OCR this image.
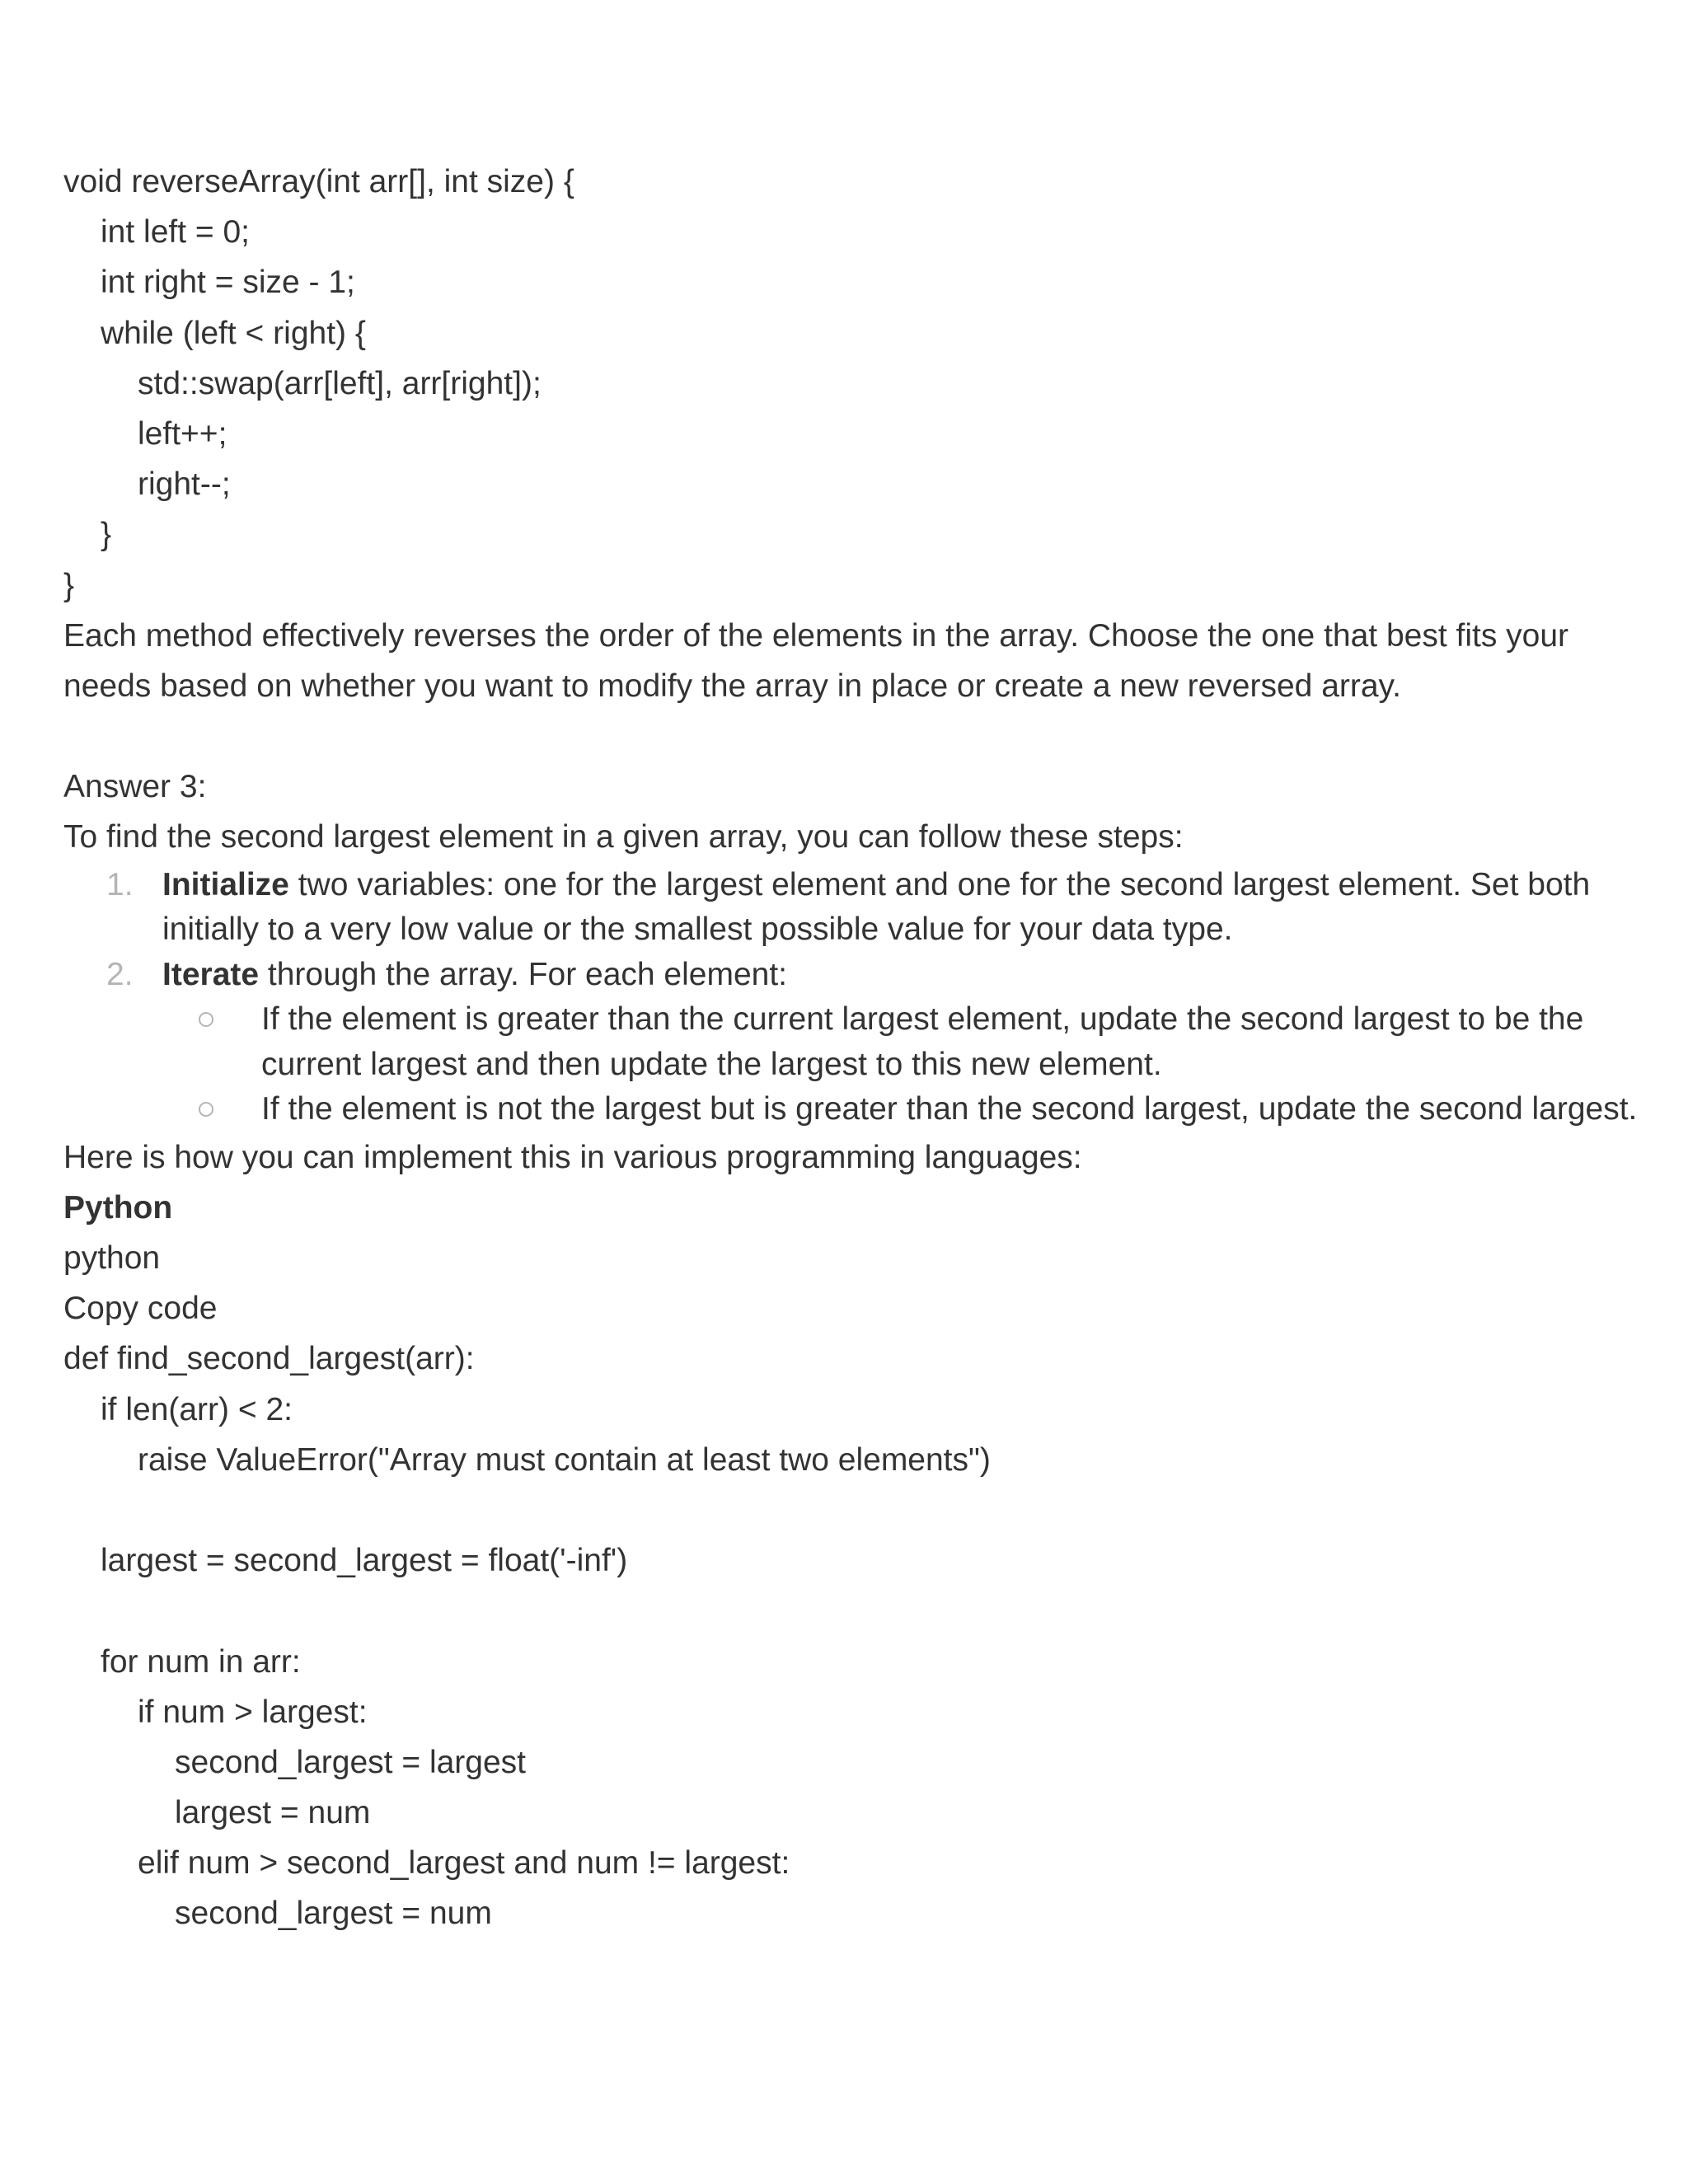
void reverseArray(int arr[], int size) {
int left = 0;
int right = size - 1;
while (left < right) {
std::swap(arr[left], arr[right]);
left++;
right--;
}
}
Each method effectively reverses the order of the elements in the array. Choose the one that best fits your needs based on whether you want to modify the array in place or create a new reversed array.
Answer 3:
To find the second largest element in a given array, you can follow these steps:
1. Initialize two variables: one for the largest element and one for the second largest element. Set both initially to a very low value or the smallest possible value for your data type.
2. Iterate through the array. For each element:
If the element is greater than the current largest element, update the second largest to be the current largest and then update the largest to this new element.
If the element is not the largest but is greater than the second largest, update the second largest.
Here is how you can implement this in various programming languages:
Python
python
Copy code
def find_second_largest(arr):
if len(arr) < 2:
raise ValueError("Array must contain at least two elements")
largest = second_largest = float('-inf')
for num in arr:
if num > largest:
second_largest = largest
largest = num
elif num > second_largest and num != largest:
second_largest = num
